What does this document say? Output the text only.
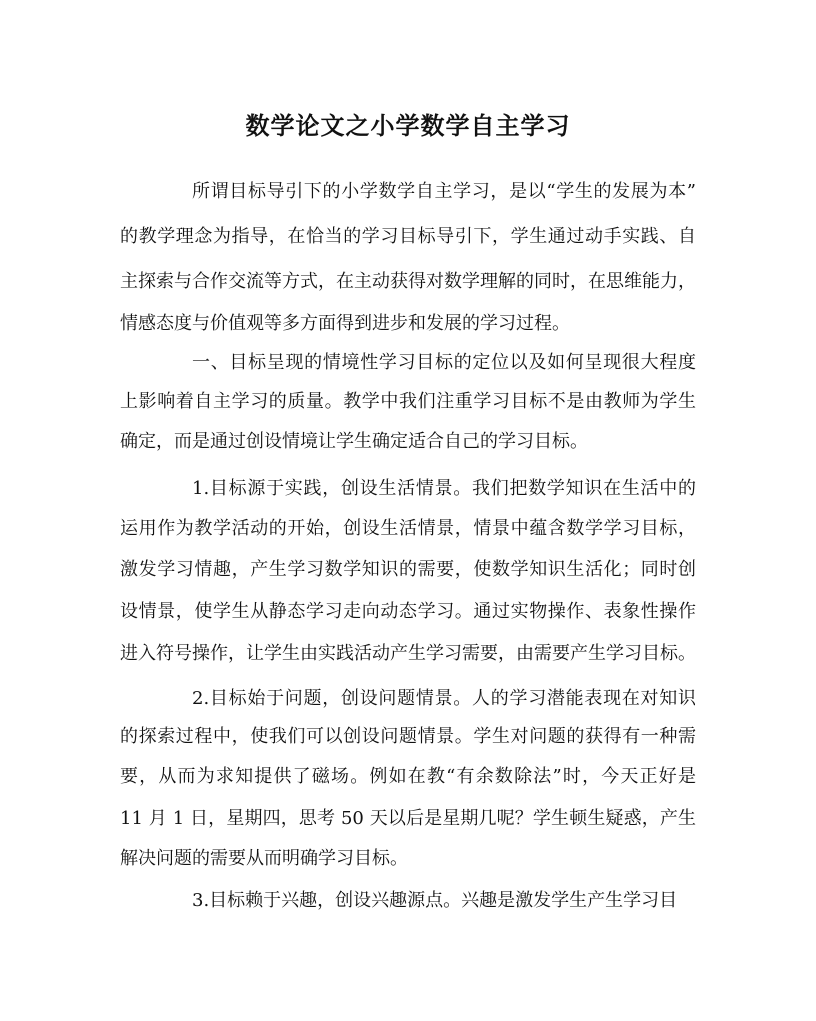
数学论文之小学数学自主学习
所谓目标导引下的小学数学自主学习，是以“学生的发展为本”
的教学理念为指导，在恰当的学习目标导引下，学生通过动手实践、自
主探索与合作交流等方式，在主动获得对数学理解的同时，在思维能力，
情感态度与价值观等多方面得到进步和发展的学习过程。
一、目标呈现的情境性学习目标的定位以及如何呈现很大程度
上影响着自主学习的质量。教学中我们注重学习目标不是由教师为学生
确定，而是通过创设情境让学生确定适合自己的学习目标。
1.目标源于实践，创设生活情景。我们把数学知识在生活中的
运用作为教学活动的开始，创设生活情景，情景中蕴含数学学习目标，
激发学习情趣，产生学习数学知识的需要，使数学知识生活化；同时创
设情景，使学生从静态学习走向动态学习。通过实物操作、表象性操作
进入符号操作，让学生由实践活动产生学习需要，由需要产生学习目标。
2.目标始于问题，创设问题情景。人的学习潜能表现在对知识
的探索过程中，使我们可以创设问题情景。学生对问题的获得有一种需
要，从而为求知提供了磁场。例如在教“有余数除法”时，今天正好是
11 月 1 日，星期四，思考 50 天以后是星期几呢？学生顿生疑惑，产生
解决问题的需要从而明确学习目标。
3.目标赖于兴趣，创设兴趣源点。兴趣是激发学生产生学习目
